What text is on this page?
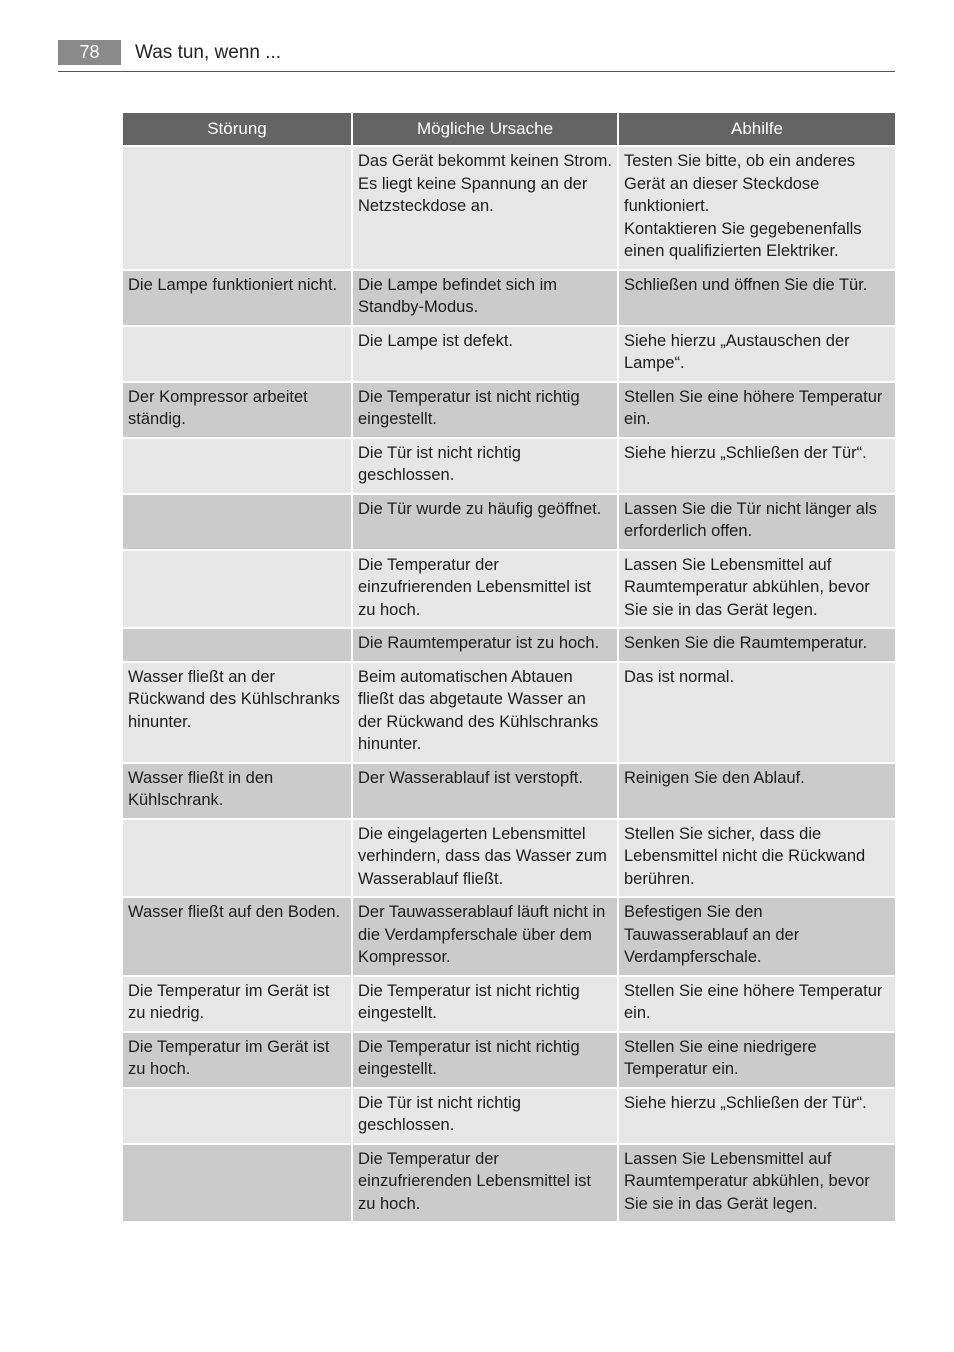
78	Was tun, wenn ...
Störung	Mögliche Ursache	Abhilfe
	Das Gerät bekommt keinen Strom. Es liegt keine Spannung an der Netzsteckdose an.	Testen Sie bitte, ob ein anderes Gerät an dieser Steckdose funktioniert.
Kontaktieren Sie gegebenenfalls einen qualifizierten Elektriker.
Die Lampe funktioniert nicht.	Die Lampe befindet sich im Standby-Modus.	Schließen und öffnen Sie die Tür.
	Die Lampe ist defekt.	Siehe hierzu „Austauschen der Lampe“.
Der Kompressor arbeitet ständig.	Die Temperatur ist nicht richtig eingestellt.	Stellen Sie eine höhere Temperatur ein.
	Die Tür ist nicht richtig geschlossen.	Siehe hierzu „Schließen der Tür“.
	Die Tür wurde zu häufig geöffnet.	Lassen Sie die Tür nicht länger als erforderlich offen.
	Die Temperatur der einzufrierenden Lebensmittel ist zu hoch.	Lassen Sie Lebensmittel auf Raumtemperatur abkühlen, bevor Sie sie in das Gerät legen.
	Die Raumtemperatur ist zu hoch.	Senken Sie die Raumtemperatur.
Wasser fließt an der Rückwand des Kühlschranks hinunter.	Beim automatischen Abtauen fließt das abgetaute Wasser an der Rückwand des Kühlschranks hinunter.	Das ist normal.
Wasser fließt in den Kühlschrank.	Der Wasserablauf ist verstopft.	Reinigen Sie den Ablauf.
	Die eingelagerten Lebensmittel verhindern, dass das Wasser zum Wasserablauf fließt.	Stellen Sie sicher, dass die Lebensmittel nicht die Rückwand berühren.
Wasser fließt auf den Boden.	Der Tauwasserablauf läuft nicht in die Verdampferschale über dem Kompressor.	Befestigen Sie den Tauwasserablauf an der Verdampferschale.
Die Temperatur im Gerät ist zu niedrig.	Die Temperatur ist nicht richtig eingestellt.	Stellen Sie eine höhere Temperatur ein.
Die Temperatur im Gerät ist zu hoch.	Die Temperatur ist nicht richtig eingestellt.	Stellen Sie eine niedrigere Temperatur ein.
	Die Tür ist nicht richtig geschlossen.	Siehe hierzu „Schließen der Tür“.
	Die Temperatur der einzufrierenden Lebensmittel ist zu hoch.	Lassen Sie Lebensmittel auf Raumtemperatur abkühlen, bevor Sie sie in das Gerät legen.
